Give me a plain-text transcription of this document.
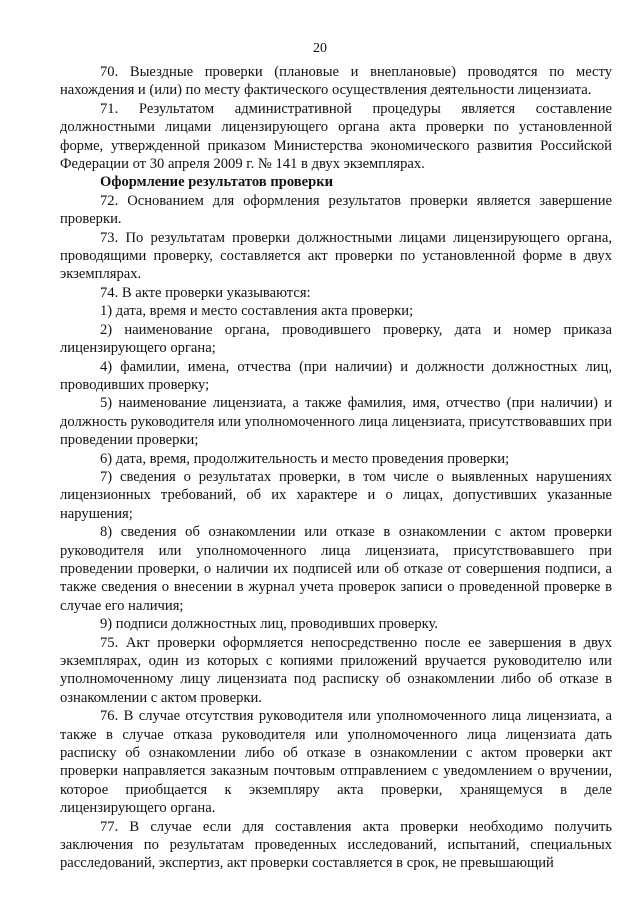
20

70. Выездные проверки (плановые и внеплановые) проводятся по месту нахождения и (или) по месту фактического осуществления деятельности лицензиата.

71. Результатом административной процедуры является составление должностными лицами лицензирующего органа акта проверки по установленной форме, утвержденной приказом Министерства экономического развития Российской Федерации от 30 апреля 2009 г. № 141 в двух экземплярах.

Оформление результатов проверки

72. Основанием для оформления результатов проверки является завершение проверки.

73. По результатам проверки должностными лицами лицензирующего органа, проводящими проверку, составляется акт проверки по установленной форме в двух экземплярах.

74. В акте проверки указываются:

1) дата, время и место составления акта проверки;

2) наименование органа, проводившего проверку, дата и номер приказа лицензирующего органа;

4) фамилии, имена, отчества (при наличии) и должности должностных лиц, проводивших проверку;

5) наименование лицензиата, а также фамилия, имя, отчество (при наличии) и должность руководителя или уполномоченного лица лицензиата, присутствовавших при проведении проверки;

6) дата, время, продолжительность и место проведения проверки;

7) сведения о результатах проверки, в том числе о выявленных нарушениях лицензионных требований, об их характере и о лицах, допустивших указанные нарушения;

8) сведения об ознакомлении или отказе в ознакомлении с актом проверки руководителя или уполномоченного лица лицензиата, присутствовавшего при проведении проверки, о наличии их подписей или об отказе от совершения подписи, а также сведения о внесении в журнал учета проверок записи о проведенной проверке в случае его наличия;

9) подписи должностных лиц, проводивших проверку.

75. Акт проверки оформляется непосредственно после ее завершения в двух экземплярах, один из которых с копиями приложений вручается руководителю или уполномоченному лицу лицензиата под расписку об ознакомлении либо об отказе в ознакомлении с актом проверки.

76. В случае отсутствия руководителя или уполномоченного лица лицензиата, а также в случае отказа руководителя или уполномоченного лица лицензиата дать расписку об ознакомлении либо об отказе в ознакомлении с актом проверки акт проверки направляется заказным почтовым отправлением с уведомлением о вручении, которое приобщается к экземпляру акта проверки, хранящемуся в деле лицензирующего органа.

77. В случае если для составления акта проверки необходимо получить заключения по результатам проведенных исследований, испытаний, специальных расследований, экспертиз, акт проверки составляется в срок, не превышающий
